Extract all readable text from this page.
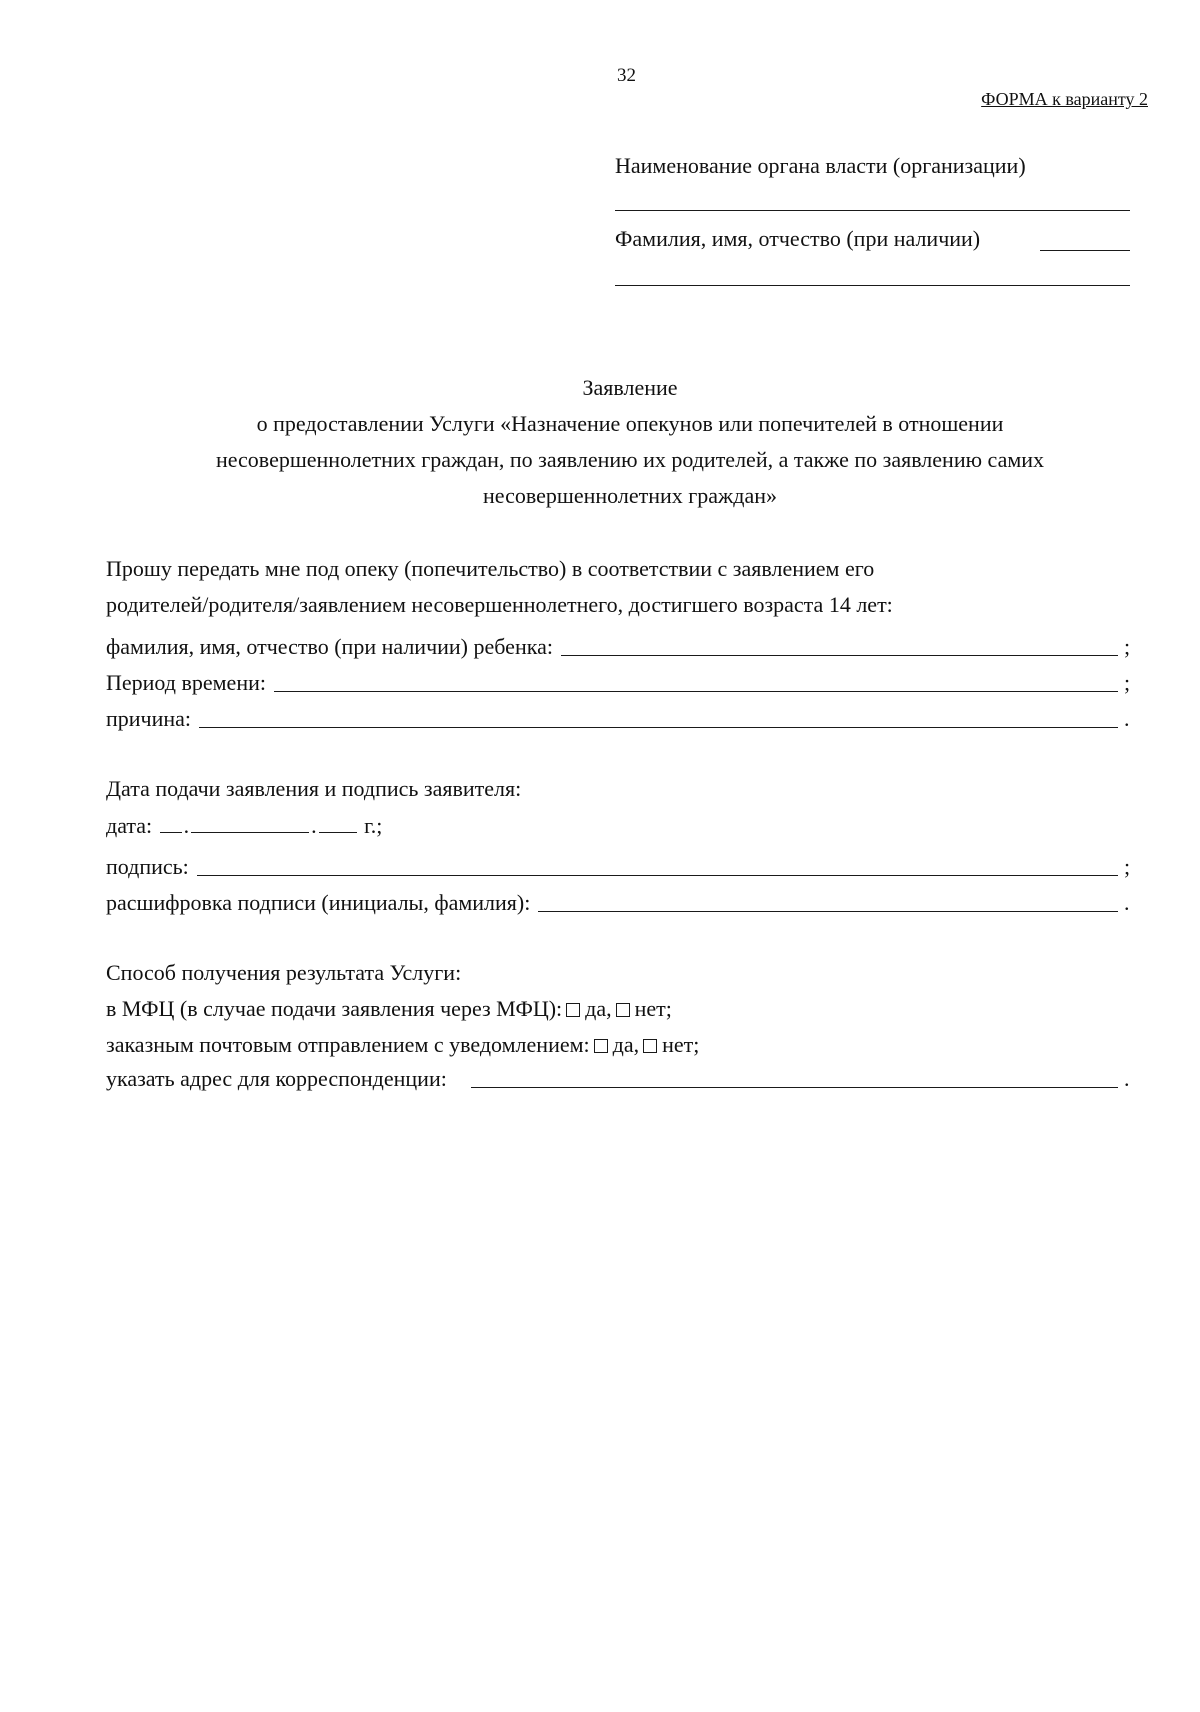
32
ФОРМА к варианту 2
Наименование органа власти (организации)
Фамилия, имя, отчество (при наличии)
Заявление
о предоставлении Услуги «Назначение опекунов или попечителей в отношении
несовершеннолетних граждан, по заявлению их родителей, а также по заявлению самих
несовершеннолетних граждан»
Прошу передать мне под опеку (попечительство) в соответствии с заявлением его
родителей/родителя/заявлением несовершеннолетнего, достигшего возраста 14 лет:
фамилия, имя, отчество (при наличии) ребенка:	;
Период времени:	;
причина:	.
Дата подачи заявления и подпись заявителя:
дата: .	. г.;
подпись:	;
расшифровка подписи (инициалы, фамилия):	.
Способ получения результата Услуги:
в МФЦ (в случае подачи заявления через МФЦ): да, нет;
заказным почтовым отправлением с уведомлением: да, нет;
указать адрес для корреспонденции:	.
